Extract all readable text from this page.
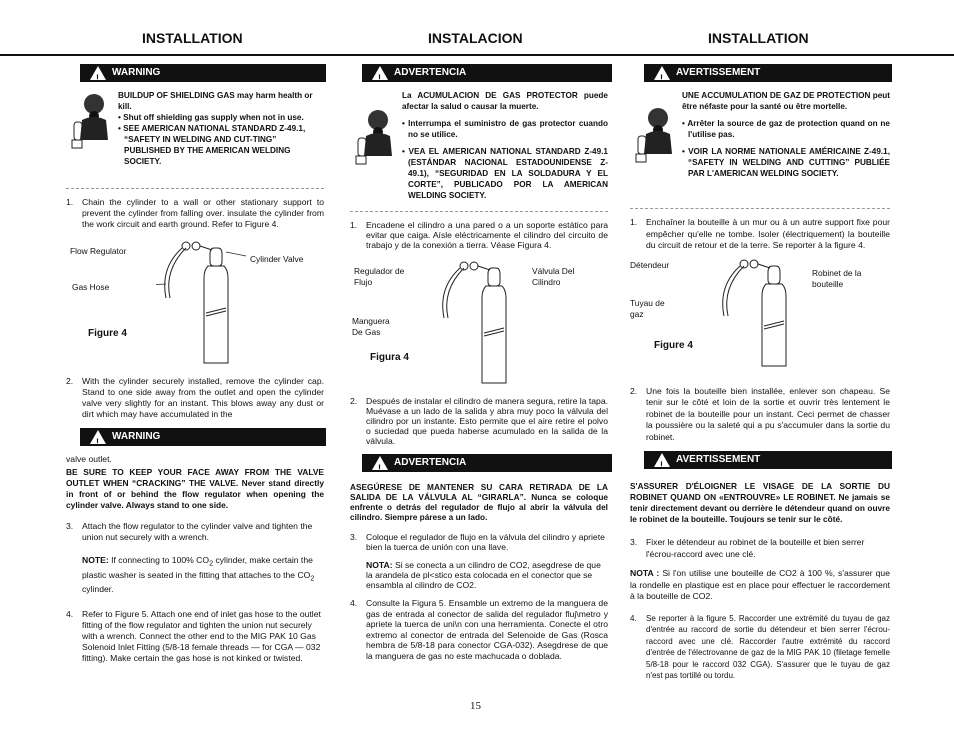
INSTALLATION	INSTALACION	INSTALLATION
!
WARNING
BUILDUP OF SHIELDING GAS may harm health or kill.
• Shut off shielding gas supply when not in use.
• SEE AMERICAN NATIONAL STANDARD Z-49.1, “SAFETY IN WELDING AND CUT-TING” PUBLISHED BY THE AMERICAN WELDING SOCIETY.
1. Chain the cylinder to a wall or other stationary support to prevent the cylinder from falling over. insulate the cylinder from the work circuit and earth ground. Refer to Figure 4.
Flow Regulator
Cylinder Valve
Gas Hose
Figure 4
2. With the cylinder securely installed, remove the cylinder cap. Stand to one side away from the outlet and open the cylinder valve very slightly for an instant. This blows away any dust or dirt which may have accumulated in the
!
WARNING
valve outlet.
BE SURE TO KEEP YOUR FACE AWAY FROM THE VALVE OUTLET WHEN “CRACKING” THE VALVE. Never stand directly in front of or behind the flow regulator when opening the cylinder valve. Always stand to one side.
3. Attach the flow regulator to the cylinder valve and tighten the union nut securely with a wrench.
NOTE: If connecting to 100% $CO_2$ cylinder, make certain the plastic washer is seated in the fitting that attaches to the $CO_2$ cylinder.
4. Refer to Figure 5. Attach one end of inlet gas hose to the outlet fitting of the flow regulator and tighten the union nut securely with a wrench. Connect the other end to the MIG PAK 10 Gas Solenoid Inlet Fitting (5/8-18 female threads — for CGA — 032 fitting). Make certain the gas hose is not kinked or twisted.
!
ADVERTENCIA
La ACUMULACION DE GAS PROTECTOR puede afectar la salud o causar la muerte.
• Interrumpa el suministro de gas protector cuando no se utilice.
• VEA EL AMERICAN NATIONAL STANDARD Z-49.1 (ESTÁNDAR NACIONAL ESTADOUNIDENSE Z-49.1), “SEGURIDAD EN LA SOLDADURA Y EL CORTE”, PUBLICADO POR LA AMERICAN WELDING SOCIETY.
1. Encadene el cilindro a una pared o a un soporte estático para evitar que caiga. Aísle eléctricamente el cilindro del circuito de trabajo y de la conexión a tierra. Véase Figura 4.
Regulador de Flujo
Válvula Del Cilindro
Manguera De Gas
Figura 4
2. Después de instalar el cilindro de manera segura, retire la tapa. Muévase a un lado de la salida y abra muy poco la válvula del cilindro por un instante. Esto permite que el aire retire el polvo o suciedad que pueda haberse acumulado en la salida de la válvula.
!
ADVERTENCIA
ASEGÚRESE DE MANTENER SU CARA RETIRADA DE LA SALIDA DE LA VÁLVULA AL “GIRARLA”. Nunca se coloque enfrente o detrás del regulador de flujo al abrir la válvula del cilindro. Siempre párese a un lado.
3. Coloque el regulador de flujo en la válvula del cilindro y apriete bien la tuerca de unión con una llave.
NOTA: Si se conecta a un cilindro de CO2, asegdrese de que la arandela de pl<stico esta colocada en el conector que se ensambla al cilindro de CO2.
4. Consulte la Figura 5. Ensamble un extremo de la manguera de gas de entrada al conector de salida del regulador fluj\metro y apriete la tuerca de uni\n con una herramienta. Conecte el otro extremo al conector de entrada del Selenoide de Gas (Rosca hembra de 5/8-18 para conector CGA-032). Asegdrese de que la manguera de gas no este machucada o doblada.
!
AVERTISSEMENT
UNE ACCUMULATION DE GAZ DE PROTECTION peut être néfaste pour la santé ou être mortelle.
• Arrêter la source de gaz de protection quand on ne l'utilise pas.
• VOIR LA NORME NATIONALE AMÉRICAINE Z-49.1, “SAFETY IN WELDING AND CUTTING” PUBLIÉE PAR L'AMERICAN WELDING SOCIETY.
1. Enchaîner la bouteille à un mur ou à un autre support fixe pour empêcher qu'elle ne tombe. Isoler (électriquement) la bouteille du circuit de retour et de la terre. Se reporter à la figure 4.
Détendeur
Robinet de la bouteille
Tuyau de gaz
Figure 4
2. Une fois la bouteille bien installée, enlever son chapeau. Se tenir sur le côté et loin de la sortie et ouvrir très lentement le robinet de la bouteille pour un instant. Ceci permet de chasser la poussière ou la saleté qui a pu s'accumuler dans la sortie du robinet.
!
AVERTISSEMENT
S'ASSURER D'ÉLOIGNER LE VISAGE DE LA SORTIE DU ROBINET QUAND ON «ENTROUVRE» LE ROBINET. Ne jamais se tenir directement devant ou derrière le détendeur quand on ouvre le robinet de la bouteille. Toujours se tenir sur le côté.
3. Fixer le détendeur au robinet de la bouteille et bien serrer l'écrou-raccord avec une clé.
NOTA : Si l'on utilise une bouteille de CO2 à 100 %, s'assurer que la rondelle en plastique est en place pour effectuer le raccordement à la bouteille de CO2.
4. Se reporter à la figure 5. Raccorder une extrémité du tuyau de gaz d'entrée au raccord de sortie du détendeur et bien serrer l'écrou-raccord avec une clé. Raccorder l'autre extrémité du raccord d'entrée de l'électrovanne de gaz de la MIG PAK 10 (filetage femelle 5/8-18 pour le raccord 032 CGA). S'assurer que le tuyau de gaz n'est pas tortillé ou tordu.
15
